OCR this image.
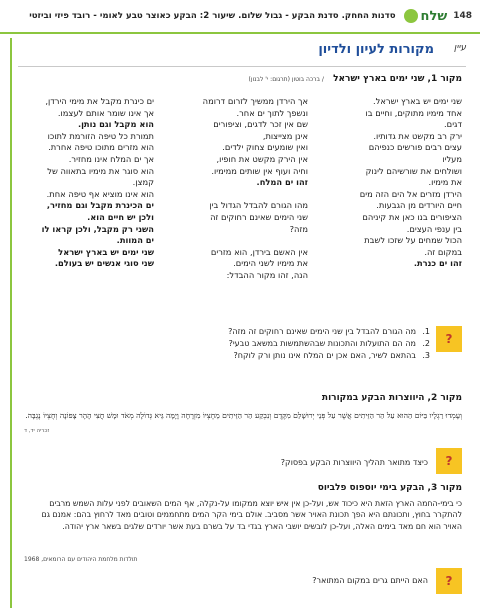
148
שלח
סדנות החחק. סדנת הבקע - גבול שלום. שיעור 2: הבקע כאוצר טבע לאומי - רובד פיזי וביזטי
עיין
מקורות לעיון ולדיון
מקור 1, שני ימים בארץ ישראל / ברכה בוטון (תרגום: י' לבנון)
שני ימים יש בארץ ישראל.
אחד מימיו מתוקים, וחיים בו
דגים.
ירק רב מקשט את גדותיו.
עצים רבים פורשים כנפיהם
מעליו
ושולחים את שורשיהם לינוק
את מימיו.
הירדן מזרים אל הים הזה מים
חיים היורדים מן הגבעות.
הציפורים בנו כאן את קיניהם
בין ענפי העצים.
הכול שמחים על שזכו לשבת
במקום זה.
זהו ים כנרת.
אך הירדן ממשיך לזרום דרומה
ונשפך לתוך ים אחר.
שם אין זכר לדגים, וציפורים
אינן מצייצות,
ואין שומעים צחוק ילדים.
אין הירק מקשט את חופיו,
וחיה ועוף אין שותים ממימיו.
זהו ים המלח.
מהו הגורם להבדל הגדול בין
שני הימים שאינם רחוקים זה
מזה?
אין האשם בירדן, הוא מזרים
את מימיו לשני הימים.
הנה, זהו מקור ההבדל:
ים כינרת מקבל את מימי הירדן,
אך אינו שומר אותם לעצמו.
הוא מקבל וגם נותן.
תמורת כל טיפה הזורמת לתוכו
הוא מזרים מתוכו טיפה אחרת.
אך ים המלח אינו מחזיר.
הוא סוגר את מימיו בתאווה של
קמצן.
הוא אינו מוציא אף טיפה אחת.
ים הכינרת מקבל וגם מחזיר,
ולכן יש חיים הוא.
השני רק מקבל, ולכן קראו לו
ים המוות.
שני ימים יש בארץ ישראל
שני סוגי אנשים יש בעולם.
?
1.
מה הגורם להבדל בין שני הימים שאינם רחוקים זה מזה?
2.
מה הם התועלות והתכונות שבהשתמשות במשאב טבעי?
3.
בהתאם לשיר, האם אכן ים המלח אינו נותן ורק לוקח?
מקור 2, היווצרות הבקע במקורות
וְעָמְדוּ רַגְלָיו בַּיּוֹם הַהוּא עַל הַר הַזֵּיתִים אֲשֶׁר עַל פְּנֵי יְרוּשָׁלַם מִקֶּדֶם וְנִבְקַע הַר הַזֵּיתִים מֵחֶצְיוֹ מִזְרָחָה וָיָמָּה גֵּיא גְּדוֹלָה מְאֹד וּמָשׁ חֲצִי הָהָר צָפוֹנָה וְחֶצְיוֹ נֶגְבָּה.
זכריה יד, ד
?
כיצד מתואר תהליך היווצרות הבקע בפסוק?
מקור 3, הבקע בימי יוספוס פלביוס
כי בימי-החמה הארץ הזאת היא כיכוד אש, ועל-כן אין איש יוצא ממקומו על-נקלה, אף המים השאובים לפני עלות השמש מרבים להתקרר בחוץ, ותכונתם היא הפך תכונת האויר אשר מסביב. אולם בימי הקר המים מתחממים וטובים מאד לרחוץ בהם: אמנם גם האויר הוא חם מאד בימים האלה, ועל-כן לובשים יושבי הארץ בגדי בד על בשרם בעת אשר יורדים שלגים בשאר ארץ יהודה.
תולדות מלחמת היהודים עם הרומאים, 1968
?
האם הייתם גרים במקום המתואר?
